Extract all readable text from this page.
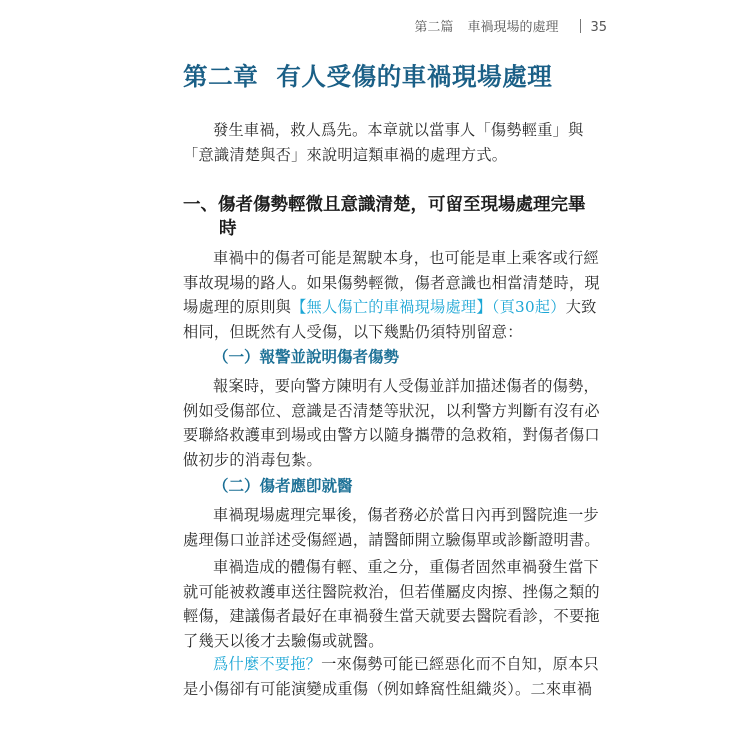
第二篇 車禍現場的處理 35
第二章 有人受傷的車禍現場處理
發生車禍，救人爲先。本章就以當事人「傷勢輕重」與
「意識清楚與否」來說明這類車禍的處理方式。
一、傷者傷勢輕微且意識清楚，可留至現場處理完畢
時
車禍中的傷者可能是駕駛本身，也可能是車上乘客或行經
事故現場的路人。如果傷勢輕微，傷者意識也相當清楚時，現
場處理的原則與【無人傷亡的車禍現場處理】（頁30起）大致
相同，但既然有人受傷，以下幾點仍須特別留意：
（一）報警並說明傷者傷勢
報案時，要向警方陳明有人受傷並詳加描述傷者的傷勢，
例如受傷部位、意識是否清楚等狀況，以利警方判斷有沒有必
要聯絡救護車到場或由警方以隨身攜帶的急救箱，對傷者傷口
做初步的消毒包紮。
（二）傷者應卽就醫
車禍現場處理完畢後，傷者務必於當日內再到醫院進一步
處理傷口並詳述受傷經過，請醫師開立驗傷單或診斷證明書。
車禍造成的體傷有輕、重之分，重傷者固然車禍發生當下
就可能被救護車送往醫院救治，但若僅屬皮肉擦、挫傷之類的
輕傷，建議傷者最好在車禍發生當天就要去醫院看診，不要拖
了幾天以後才去驗傷或就醫。
爲什麼不要拖？一來傷勢可能已經惡化而不自知，原本只
是小傷卻有可能演變成重傷（例如蜂窩性組織炎）。二來車禍
